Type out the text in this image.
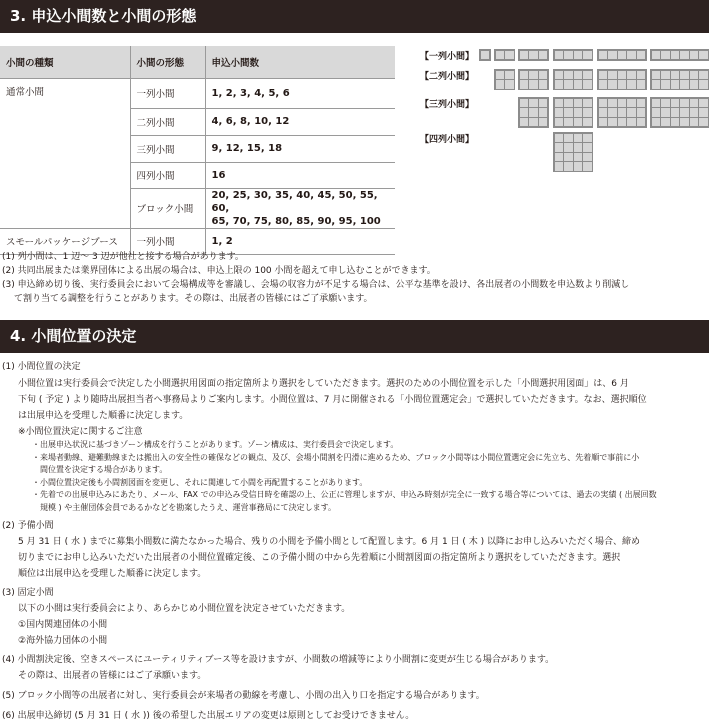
3. 申込小間数と小間の形態
小間の種類	小間の形態	申込小間数
通常小間	一列小間	1, 2, 3, 4, 5, 6
	二列小間	4, 6, 8, 10, 12
	三列小間	9, 12, 15, 18
	四列小間	16
	ブロック小間	20, 25, 30, 35, 40, 45, 50, 55, 60,
65, 70, 75, 80, 85, 90, 95, 100

スモールパッケージブース	一列小間	1, 2
【一列小間】
【二列小間】
【三列小間】
【四列小間】
(1) 列小間は、1 辺～ 3 辺が他社と接する場合があります。
(2) 共同出展または業界団体による出展の場合は、申込上限の 100 小間を超えて申し込むことができます。
(3) 申込締め切り後、実行委員会において会場構成等を審議し、会場の収容力が不足する場合は、公平な基準を設け、各出展者の小間数を申込数より削減し
て割り当てる調整を行うことがあります。その際は、出展者の皆様にはご了承願います。
4. 小間位置の決定

(1) 小間位置の決定

小間位置は実行委員会で決定した小間選択用図面の指定箇所より選択をしていただきます。選択のための小間位置を示した「小間選択用図面」は、6 月

下旬 ( 予定 ) より随時出展担当者へ事務局よりご案内します。小間位置は、7 月に開催される「小間位置選定会」で選択していただきます。なお、選択順位

は出展申込を受理した順番に決定します。

※小間位置決定に関するご注意

・出展申込状況に基づきゾーン構成を行うことがあります。ゾーン構成は、実行委員会で決定します。

・来場者動線、避難動線または搬出入の安全性の確保などの観点、及び、会場小間割を円滑に進めるため、ブロック小間等は小間位置選定会に先立ち、先着順で事前に小

間位置を決定する場合があります。

・小間位置決定後も小間割図面を変更し、それに関連して小間を再配置することがあります。

・先着での出展申込みにあたり、メール、FAX での申込み受信日時を確認の上、公正に管理しますが、申込み時刻が完全に一致する場合等については、過去の実績 ( 出展回数

規模 ) や主催団体会員であるかなどを勘案したうえ、運営事務局にて決定します。

(2) 予備小間

5 月 31 日 ( 水 ) までに募集小間数に満たなかった場合、残りの小間を予備小間として配置します。6 月 1 日 ( 木 ) 以降にお申し込みいただく場合、締め

切りまでにお申し込みいただいた出展者の小間位置確定後、この予備小間の中から先着順に小間割図面の指定箇所より選択をしていただきます。選択

順位は出展申込を受理した順番に決定します。

(3) 固定小間

以下の小間は実行委員会により、あらかじめ小間位置を決定させていただきます。

①国内関連団体の小間

②海外協力団体の小間

(4) 小間割決定後、空きスペースにユーティリティブース等を設けますが、小間数の増減等により小間割に変更が生じる場合があります。

その際は、出展者の皆様にはご了承願います。

(5) ブロック小間等の出展者に対し、実行委員会が来場者の動線を考慮し、小間の出入り口を指定する場合があります。

(6) 出展申込締切 (5 月 31 日 ( 水 )) 後の希望した出展エリアの変更は原則としてお受けできません。
